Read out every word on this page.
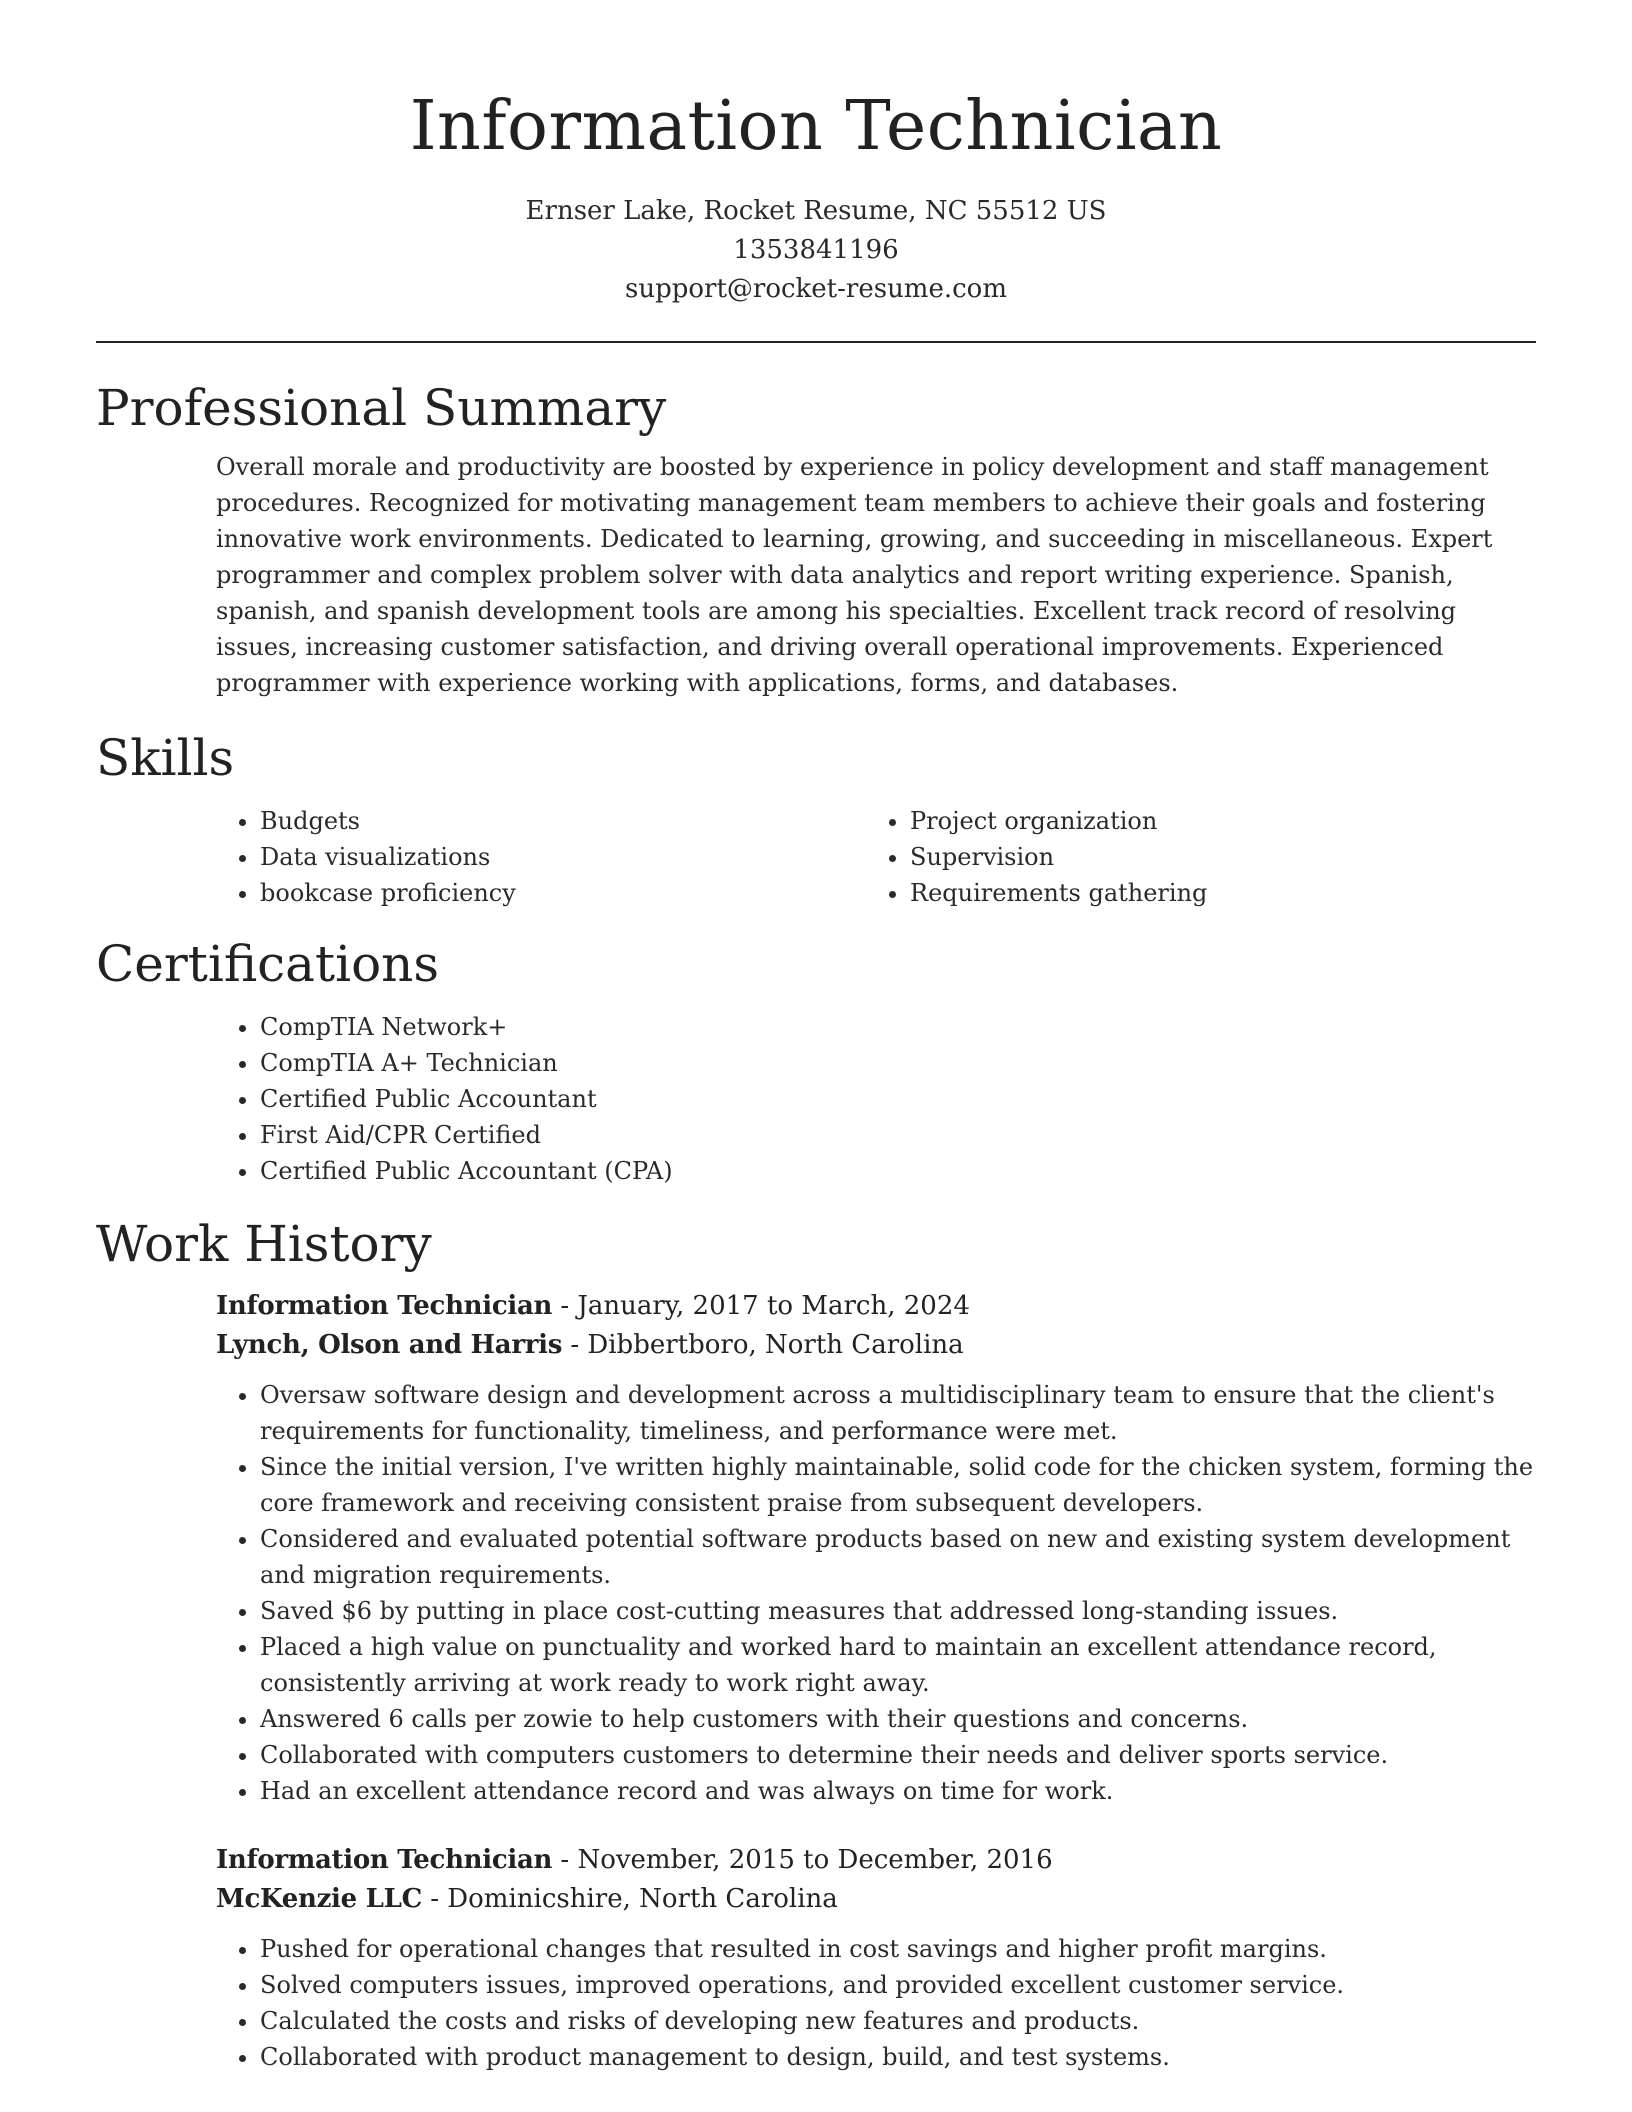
Information Technician
Ernser Lake, Rocket Resume, NC 55512 US
1353841196
support@rocket-resume.com
Professional Summary

Overall morale and productivity are boosted by experience in policy development and staff management procedures. Recognized for motivating management team members to achieve their goals and fostering innovative work environments. Dedicated to learning, growing, and succeeding in miscellaneous. Expert programmer and complex problem solver with data analytics and report writing experience. Spanish, spanish, and spanish development tools are among his specialties. Excellent track record of resolving issues, increasing customer satisfaction, and driving overall operational improvements. Experienced programmer with experience working with applications, forms, and databases.

Skills
• Budgets
• Data visualizations
• bookcase proficiency
• Project organization
• Supervision
• Requirements gathering
Certifications
• CompTIA Network+
• CompTIA A+ Technician
• Certified Public Accountant
• First Aid/CPR Certified
• Certified Public Accountant (CPA)
Work History
Information Technician - January, 2017 to March, 2024
Lynch, Olson and Harris - Dibbertboro, North Carolina
• Oversaw software design and development across a multidisciplinary team to ensure that the client's requirements for functionality, timeliness, and performance were met.
• Since the initial version, I've written highly maintainable, solid code for the chicken system, forming the core framework and receiving consistent praise from subsequent developers.
• Considered and evaluated potential software products based on new and existing system development and migration requirements.
• Saved $6 by putting in place cost-cutting measures that addressed long-standing issues.
• Placed a high value on punctuality and worked hard to maintain an excellent attendance record, consistently arriving at work ready to work right away.
• Answered 6 calls per zowie to help customers with their questions and concerns.
• Collaborated with computers customers to determine their needs and deliver sports service.
• Had an excellent attendance record and was always on time for work.
Information Technician - November, 2015 to December, 2016
McKenzie LLC - Dominicshire, North Carolina
• Pushed for operational changes that resulted in cost savings and higher profit margins.
• Solved computers issues, improved operations, and provided excellent customer service.
• Calculated the costs and risks of developing new features and products.
• Collaborated with product management to design, build, and test systems.
